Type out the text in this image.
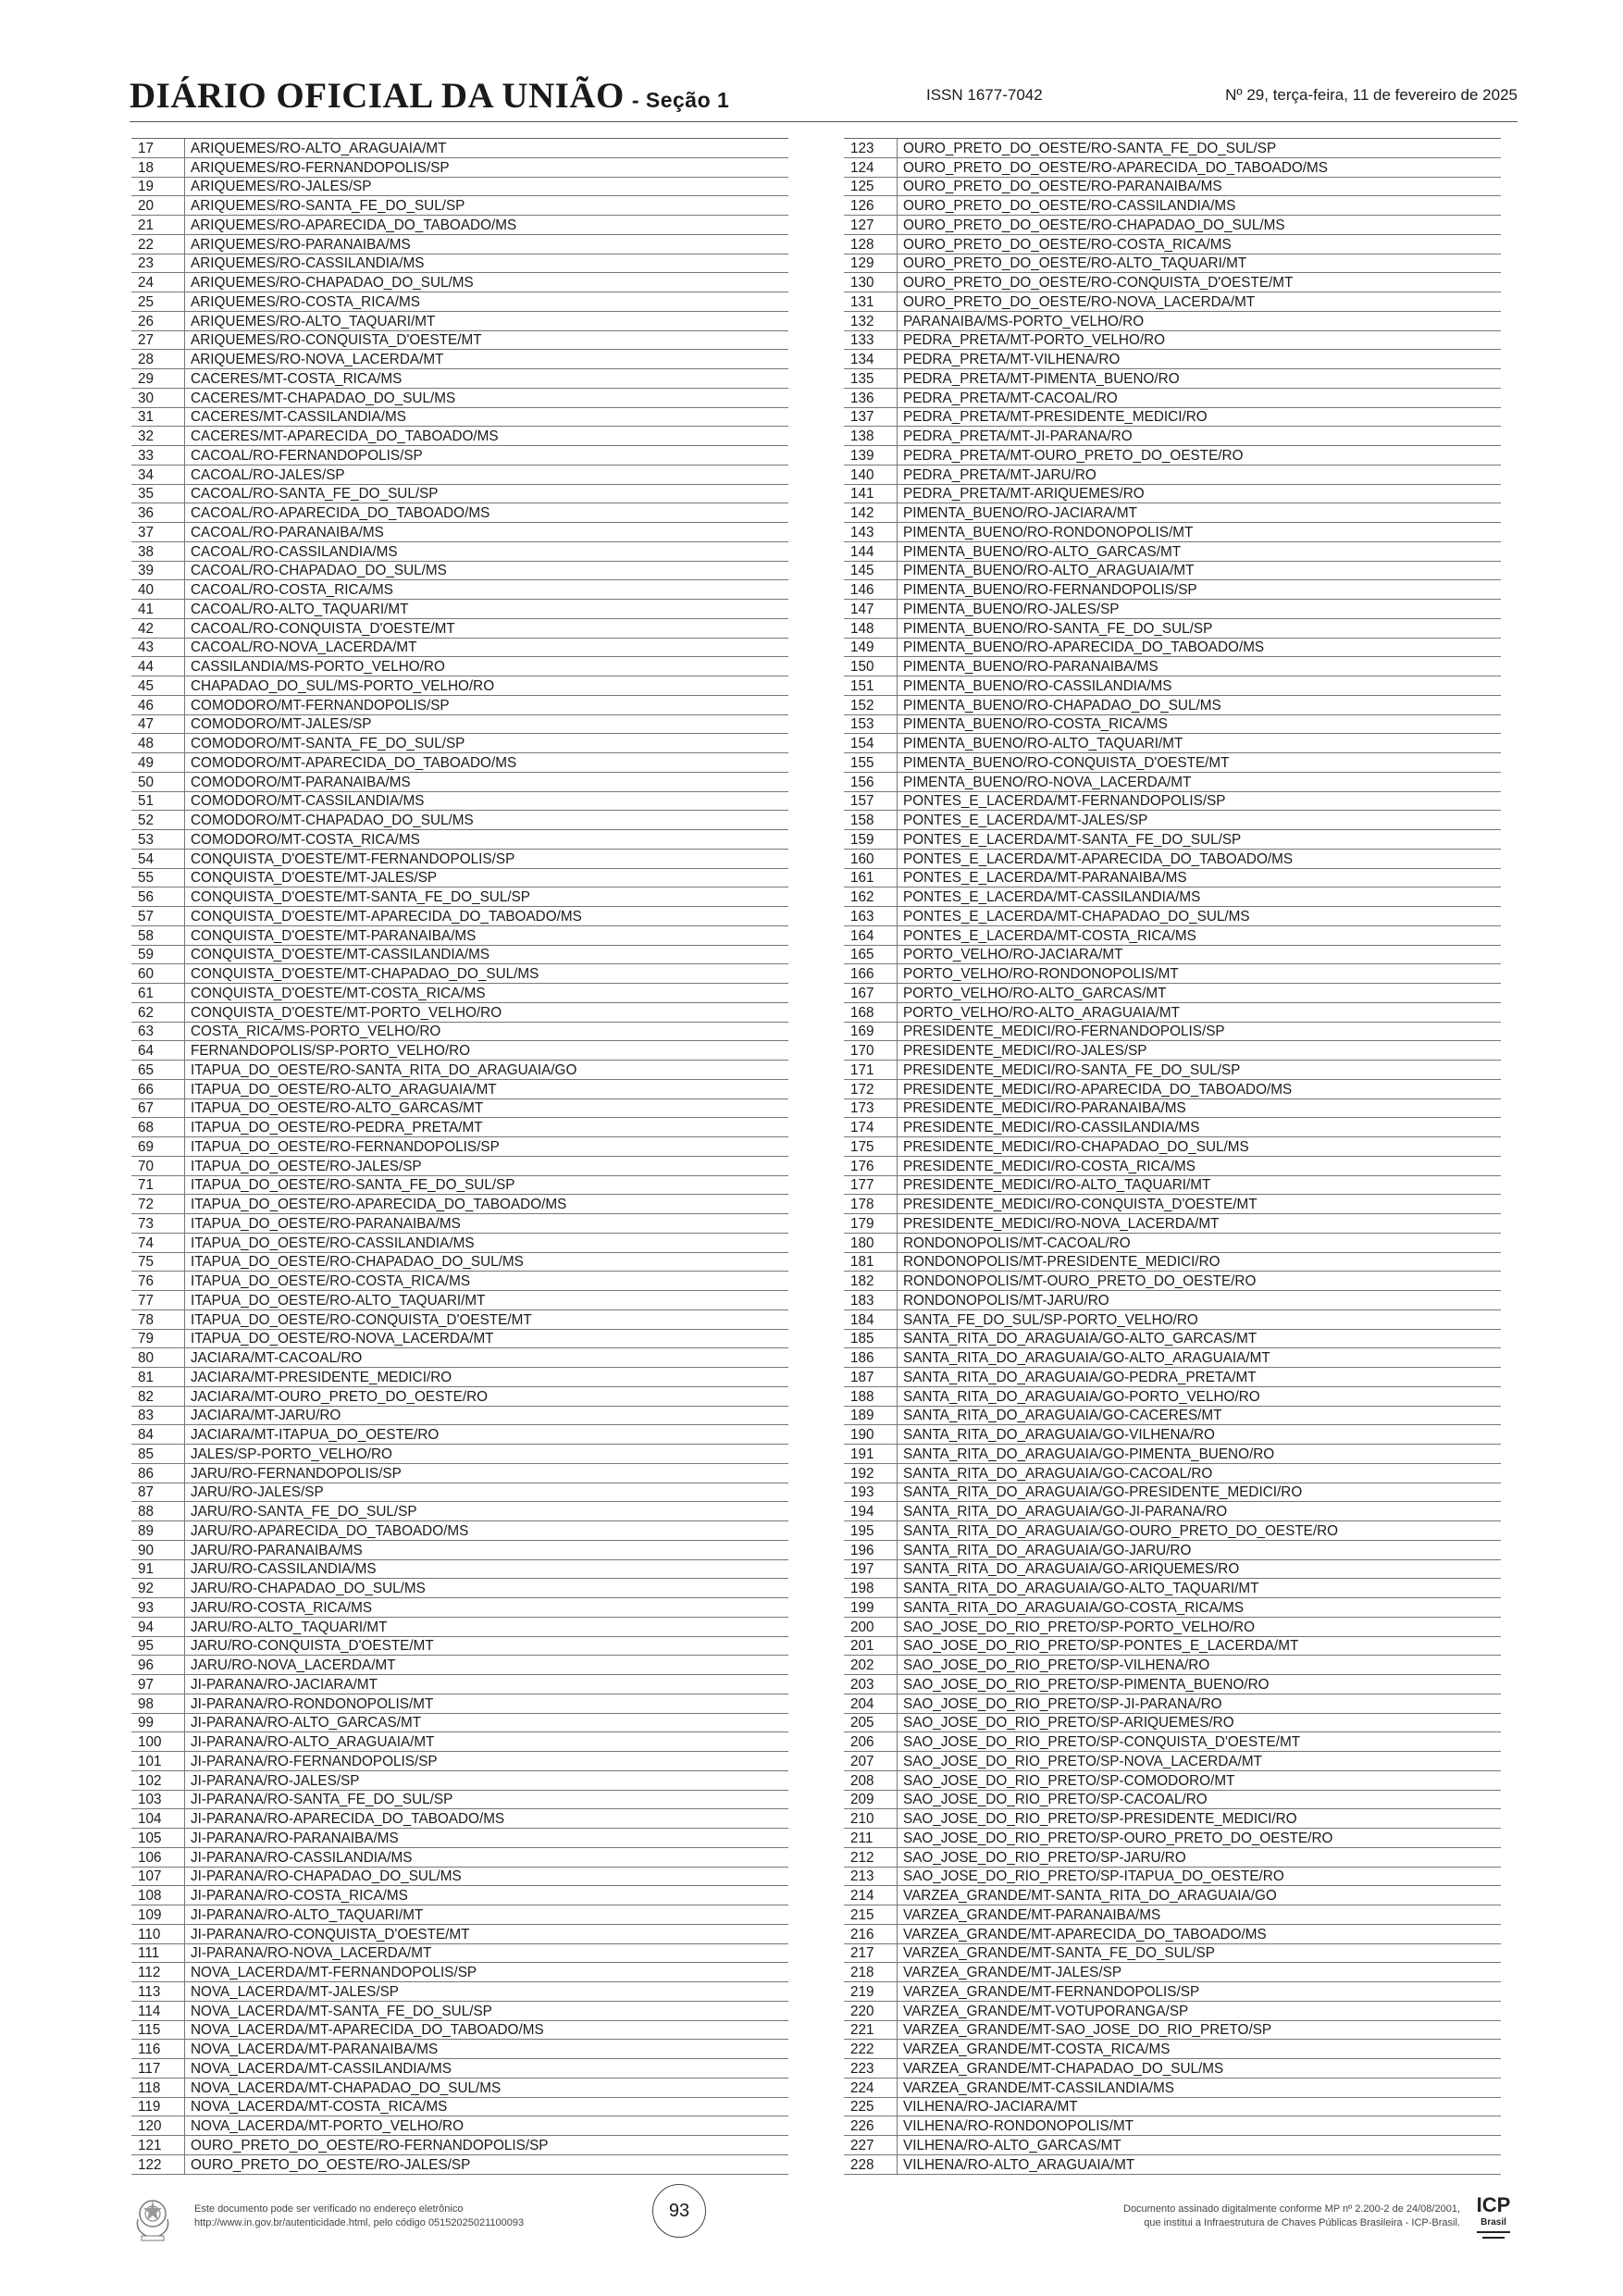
DIÁRIO OFICIAL DA UNIÃO - Seção 1	ISSN 1677-7042	Nº 29, terça-feira, 11 de fevereiro de 2025
17	ARIQUEMES/RO-ALTO_ARAGUAIA/MT
18	ARIQUEMES/RO-FERNANDOPOLIS/SP
19	ARIQUEMES/RO-JALES/SP
20	ARIQUEMES/RO-SANTA_FE_DO_SUL/SP
21	ARIQUEMES/RO-APARECIDA_DO_TABOADO/MS
22	ARIQUEMES/RO-PARANAIBA/MS
23	ARIQUEMES/RO-CASSILANDIA/MS
24	ARIQUEMES/RO-CHAPADAO_DO_SUL/MS
25	ARIQUEMES/RO-COSTA_RICA/MS
26	ARIQUEMES/RO-ALTO_TAQUARI/MT
27	ARIQUEMES/RO-CONQUISTA_D'OESTE/MT
28	ARIQUEMES/RO-NOVA_LACERDA/MT
29	CACERES/MT-COSTA_RICA/MS
30	CACERES/MT-CHAPADAO_DO_SUL/MS
31	CACERES/MT-CASSILANDIA/MS
32	CACERES/MT-APARECIDA_DO_TABOADO/MS
33	CACOAL/RO-FERNANDOPOLIS/SP
34	CACOAL/RO-JALES/SP
35	CACOAL/RO-SANTA_FE_DO_SUL/SP
36	CACOAL/RO-APARECIDA_DO_TABOADO/MS
37	CACOAL/RO-PARANAIBA/MS
38	CACOAL/RO-CASSILANDIA/MS
39	CACOAL/RO-CHAPADAO_DO_SUL/MS
40	CACOAL/RO-COSTA_RICA/MS
41	CACOAL/RO-ALTO_TAQUARI/MT
42	CACOAL/RO-CONQUISTA_D'OESTE/MT
43	CACOAL/RO-NOVA_LACERDA/MT
44	CASSILANDIA/MS-PORTO_VELHO/RO
45	CHAPADAO_DO_SUL/MS-PORTO_VELHO/RO
46	COMODORO/MT-FERNANDOPOLIS/SP
47	COMODORO/MT-JALES/SP
48	COMODORO/MT-SANTA_FE_DO_SUL/SP
49	COMODORO/MT-APARECIDA_DO_TABOADO/MS
50	COMODORO/MT-PARANAIBA/MS
51	COMODORO/MT-CASSILANDIA/MS
52	COMODORO/MT-CHAPADAO_DO_SUL/MS
53	COMODORO/MT-COSTA_RICA/MS
54	CONQUISTA_D'OESTE/MT-FERNANDOPOLIS/SP
55	CONQUISTA_D'OESTE/MT-JALES/SP
56	CONQUISTA_D'OESTE/MT-SANTA_FE_DO_SUL/SP
57	CONQUISTA_D'OESTE/MT-APARECIDA_DO_TABOADO/MS
58	CONQUISTA_D'OESTE/MT-PARANAIBA/MS
59	CONQUISTA_D'OESTE/MT-CASSILANDIA/MS
60	CONQUISTA_D'OESTE/MT-CHAPADAO_DO_SUL/MS
61	CONQUISTA_D'OESTE/MT-COSTA_RICA/MS
62	CONQUISTA_D'OESTE/MT-PORTO_VELHO/RO
63	COSTA_RICA/MS-PORTO_VELHO/RO
64	FERNANDOPOLIS/SP-PORTO_VELHO/RO
65	ITAPUA_DO_OESTE/RO-SANTA_RITA_DO_ARAGUAIA/GO
66	ITAPUA_DO_OESTE/RO-ALTO_ARAGUAIA/MT
67	ITAPUA_DO_OESTE/RO-ALTO_GARCAS/MT
68	ITAPUA_DO_OESTE/RO-PEDRA_PRETA/MT
69	ITAPUA_DO_OESTE/RO-FERNANDOPOLIS/SP
70	ITAPUA_DO_OESTE/RO-JALES/SP
71	ITAPUA_DO_OESTE/RO-SANTA_FE_DO_SUL/SP
72	ITAPUA_DO_OESTE/RO-APARECIDA_DO_TABOADO/MS
73	ITAPUA_DO_OESTE/RO-PARANAIBA/MS
74	ITAPUA_DO_OESTE/RO-CASSILANDIA/MS
75	ITAPUA_DO_OESTE/RO-CHAPADAO_DO_SUL/MS
76	ITAPUA_DO_OESTE/RO-COSTA_RICA/MS
77	ITAPUA_DO_OESTE/RO-ALTO_TAQUARI/MT
78	ITAPUA_DO_OESTE/RO-CONQUISTA_D'OESTE/MT
79	ITAPUA_DO_OESTE/RO-NOVA_LACERDA/MT
80	JACIARA/MT-CACOAL/RO
81	JACIARA/MT-PRESIDENTE_MEDICI/RO
82	JACIARA/MT-OURO_PRETO_DO_OESTE/RO
83	JACIARA/MT-JARU/RO
84	JACIARA/MT-ITAPUA_DO_OESTE/RO
85	JALES/SP-PORTO_VELHO/RO
86	JARU/RO-FERNANDOPOLIS/SP
87	JARU/RO-JALES/SP
88	JARU/RO-SANTA_FE_DO_SUL/SP
89	JARU/RO-APARECIDA_DO_TABOADO/MS
90	JARU/RO-PARANAIBA/MS
91	JARU/RO-CASSILANDIA/MS
92	JARU/RO-CHAPADAO_DO_SUL/MS
93	JARU/RO-COSTA_RICA/MS
94	JARU/RO-ALTO_TAQUARI/MT
95	JARU/RO-CONQUISTA_D'OESTE/MT
96	JARU/RO-NOVA_LACERDA/MT
97	JI-PARANA/RO-JACIARA/MT
98	JI-PARANA/RO-RONDONOPOLIS/MT
99	JI-PARANA/RO-ALTO_GARCAS/MT
100	JI-PARANA/RO-ALTO_ARAGUAIA/MT
101	JI-PARANA/RO-FERNANDOPOLIS/SP
102	JI-PARANA/RO-JALES/SP
103	JI-PARANA/RO-SANTA_FE_DO_SUL/SP
104	JI-PARANA/RO-APARECIDA_DO_TABOADO/MS
105	JI-PARANA/RO-PARANAIBA/MS
106	JI-PARANA/RO-CASSILANDIA/MS
107	JI-PARANA/RO-CHAPADAO_DO_SUL/MS
108	JI-PARANA/RO-COSTA_RICA/MS
109	JI-PARANA/RO-ALTO_TAQUARI/MT
110	JI-PARANA/RO-CONQUISTA_D'OESTE/MT
111	JI-PARANA/RO-NOVA_LACERDA/MT
112	NOVA_LACERDA/MT-FERNANDOPOLIS/SP
113	NOVA_LACERDA/MT-JALES/SP
114	NOVA_LACERDA/MT-SANTA_FE_DO_SUL/SP
115	NOVA_LACERDA/MT-APARECIDA_DO_TABOADO/MS
116	NOVA_LACERDA/MT-PARANAIBA/MS
117	NOVA_LACERDA/MT-CASSILANDIA/MS
118	NOVA_LACERDA/MT-CHAPADAO_DO_SUL/MS
119	NOVA_LACERDA/MT-COSTA_RICA/MS
120	NOVA_LACERDA/MT-PORTO_VELHO/RO
121	OURO_PRETO_DO_OESTE/RO-FERNANDOPOLIS/SP
122	OURO_PRETO_DO_OESTE/RO-JALES/SP
123	OURO_PRETO_DO_OESTE/RO-SANTA_FE_DO_SUL/SP
124	OURO_PRETO_DO_OESTE/RO-APARECIDA_DO_TABOADO/MS
125	OURO_PRETO_DO_OESTE/RO-PARANAIBA/MS
126	OURO_PRETO_DO_OESTE/RO-CASSILANDIA/MS
127	OURO_PRETO_DO_OESTE/RO-CHAPADAO_DO_SUL/MS
128	OURO_PRETO_DO_OESTE/RO-COSTA_RICA/MS
129	OURO_PRETO_DO_OESTE/RO-ALTO_TAQUARI/MT
130	OURO_PRETO_DO_OESTE/RO-CONQUISTA_D'OESTE/MT
131	OURO_PRETO_DO_OESTE/RO-NOVA_LACERDA/MT
132	PARANAIBA/MS-PORTO_VELHO/RO
133	PEDRA_PRETA/MT-PORTO_VELHO/RO
134	PEDRA_PRETA/MT-VILHENA/RO
135	PEDRA_PRETA/MT-PIMENTA_BUENO/RO
136	PEDRA_PRETA/MT-CACOAL/RO
137	PEDRA_PRETA/MT-PRESIDENTE_MEDICI/RO
138	PEDRA_PRETA/MT-JI-PARANA/RO
139	PEDRA_PRETA/MT-OURO_PRETO_DO_OESTE/RO
140	PEDRA_PRETA/MT-JARU/RO
141	PEDRA_PRETA/MT-ARIQUEMES/RO
142	PIMENTA_BUENO/RO-JACIARA/MT
143	PIMENTA_BUENO/RO-RONDONOPOLIS/MT
144	PIMENTA_BUENO/RO-ALTO_GARCAS/MT
145	PIMENTA_BUENO/RO-ALTO_ARAGUAIA/MT
146	PIMENTA_BUENO/RO-FERNANDOPOLIS/SP
147	PIMENTA_BUENO/RO-JALES/SP
148	PIMENTA_BUENO/RO-SANTA_FE_DO_SUL/SP
149	PIMENTA_BUENO/RO-APARECIDA_DO_TABOADO/MS
150	PIMENTA_BUENO/RO-PARANAIBA/MS
151	PIMENTA_BUENO/RO-CASSILANDIA/MS
152	PIMENTA_BUENO/RO-CHAPADAO_DO_SUL/MS
153	PIMENTA_BUENO/RO-COSTA_RICA/MS
154	PIMENTA_BUENO/RO-ALTO_TAQUARI/MT
155	PIMENTA_BUENO/RO-CONQUISTA_D'OESTE/MT
156	PIMENTA_BUENO/RO-NOVA_LACERDA/MT
157	PONTES_E_LACERDA/MT-FERNANDOPOLIS/SP
158	PONTES_E_LACERDA/MT-JALES/SP
159	PONTES_E_LACERDA/MT-SANTA_FE_DO_SUL/SP
160	PONTES_E_LACERDA/MT-APARECIDA_DO_TABOADO/MS
161	PONTES_E_LACERDA/MT-PARANAIBA/MS
162	PONTES_E_LACERDA/MT-CASSILANDIA/MS
163	PONTES_E_LACERDA/MT-CHAPADAO_DO_SUL/MS
164	PONTES_E_LACERDA/MT-COSTA_RICA/MS
165	PORTO_VELHO/RO-JACIARA/MT
166	PORTO_VELHO/RO-RONDONOPOLIS/MT
167	PORTO_VELHO/RO-ALTO_GARCAS/MT
168	PORTO_VELHO/RO-ALTO_ARAGUAIA/MT
169	PRESIDENTE_MEDICI/RO-FERNANDOPOLIS/SP
170	PRESIDENTE_MEDICI/RO-JALES/SP
171	PRESIDENTE_MEDICI/RO-SANTA_FE_DO_SUL/SP
172	PRESIDENTE_MEDICI/RO-APARECIDA_DO_TABOADO/MS
173	PRESIDENTE_MEDICI/RO-PARANAIBA/MS
174	PRESIDENTE_MEDICI/RO-CASSILANDIA/MS
175	PRESIDENTE_MEDICI/RO-CHAPADAO_DO_SUL/MS
176	PRESIDENTE_MEDICI/RO-COSTA_RICA/MS
177	PRESIDENTE_MEDICI/RO-ALTO_TAQUARI/MT
178	PRESIDENTE_MEDICI/RO-CONQUISTA_D'OESTE/MT
179	PRESIDENTE_MEDICI/RO-NOVA_LACERDA/MT
180	RONDONOPOLIS/MT-CACOAL/RO
181	RONDONOPOLIS/MT-PRESIDENTE_MEDICI/RO
182	RONDONOPOLIS/MT-OURO_PRETO_DO_OESTE/RO
183	RONDONOPOLIS/MT-JARU/RO
184	SANTA_FE_DO_SUL/SP-PORTO_VELHO/RO
185	SANTA_RITA_DO_ARAGUAIA/GO-ALTO_GARCAS/MT
186	SANTA_RITA_DO_ARAGUAIA/GO-ALTO_ARAGUAIA/MT
187	SANTA_RITA_DO_ARAGUAIA/GO-PEDRA_PRETA/MT
188	SANTA_RITA_DO_ARAGUAIA/GO-PORTO_VELHO/RO
189	SANTA_RITA_DO_ARAGUAIA/GO-CACERES/MT
190	SANTA_RITA_DO_ARAGUAIA/GO-VILHENA/RO
191	SANTA_RITA_DO_ARAGUAIA/GO-PIMENTA_BUENO/RO
192	SANTA_RITA_DO_ARAGUAIA/GO-CACOAL/RO
193	SANTA_RITA_DO_ARAGUAIA/GO-PRESIDENTE_MEDICI/RO
194	SANTA_RITA_DO_ARAGUAIA/GO-JI-PARANA/RO
195	SANTA_RITA_DO_ARAGUAIA/GO-OURO_PRETO_DO_OESTE/RO
196	SANTA_RITA_DO_ARAGUAIA/GO-JARU/RO
197	SANTA_RITA_DO_ARAGUAIA/GO-ARIQUEMES/RO
198	SANTA_RITA_DO_ARAGUAIA/GO-ALTO_TAQUARI/MT
199	SANTA_RITA_DO_ARAGUAIA/GO-COSTA_RICA/MS
200	SAO_JOSE_DO_RIO_PRETO/SP-PORTO_VELHO/RO
201	SAO_JOSE_DO_RIO_PRETO/SP-PONTES_E_LACERDA/MT
202	SAO_JOSE_DO_RIO_PRETO/SP-VILHENA/RO
203	SAO_JOSE_DO_RIO_PRETO/SP-PIMENTA_BUENO/RO
204	SAO_JOSE_DO_RIO_PRETO/SP-JI-PARANA/RO
205	SAO_JOSE_DO_RIO_PRETO/SP-ARIQUEMES/RO
206	SAO_JOSE_DO_RIO_PRETO/SP-CONQUISTA_D'OESTE/MT
207	SAO_JOSE_DO_RIO_PRETO/SP-NOVA_LACERDA/MT
208	SAO_JOSE_DO_RIO_PRETO/SP-COMODORO/MT
209	SAO_JOSE_DO_RIO_PRETO/SP-CACOAL/RO
210	SAO_JOSE_DO_RIO_PRETO/SP-PRESIDENTE_MEDICI/RO
211	SAO_JOSE_DO_RIO_PRETO/SP-OURO_PRETO_DO_OESTE/RO
212	SAO_JOSE_DO_RIO_PRETO/SP-JARU/RO
213	SAO_JOSE_DO_RIO_PRETO/SP-ITAPUA_DO_OESTE/RO
214	VARZEA_GRANDE/MT-SANTA_RITA_DO_ARAGUAIA/GO
215	VARZEA_GRANDE/MT-PARANAIBA/MS
216	VARZEA_GRANDE/MT-APARECIDA_DO_TABOADO/MS
217	VARZEA_GRANDE/MT-SANTA_FE_DO_SUL/SP
218	VARZEA_GRANDE/MT-JALES/SP
219	VARZEA_GRANDE/MT-FERNANDOPOLIS/SP
220	VARZEA_GRANDE/MT-VOTUPORANGA/SP
221	VARZEA_GRANDE/MT-SAO_JOSE_DO_RIO_PRETO/SP
222	VARZEA_GRANDE/MT-COSTA_RICA/MS
223	VARZEA_GRANDE/MT-CHAPADAO_DO_SUL/MS
224	VARZEA_GRANDE/MT-CASSILANDIA/MS
225	VILHENA/RO-JACIARA/MT
226	VILHENA/RO-RONDONOPOLIS/MT
227	VILHENA/RO-ALTO_GARCAS/MT
228	VILHENA/RO-ALTO_ARAGUAIA/MT
Este documento pode ser verificado no endereço eletrônico
http://www.in.gov.br/autenticidade.html, pelo código 05152025021100093
Documento assinado digitalmente conforme MP nº 2.200-2 de 24/08/2001,
que institui a Infraestrutura de Chaves Públicas Brasileira - ICP-Brasil.
ICP
Brasil
93
